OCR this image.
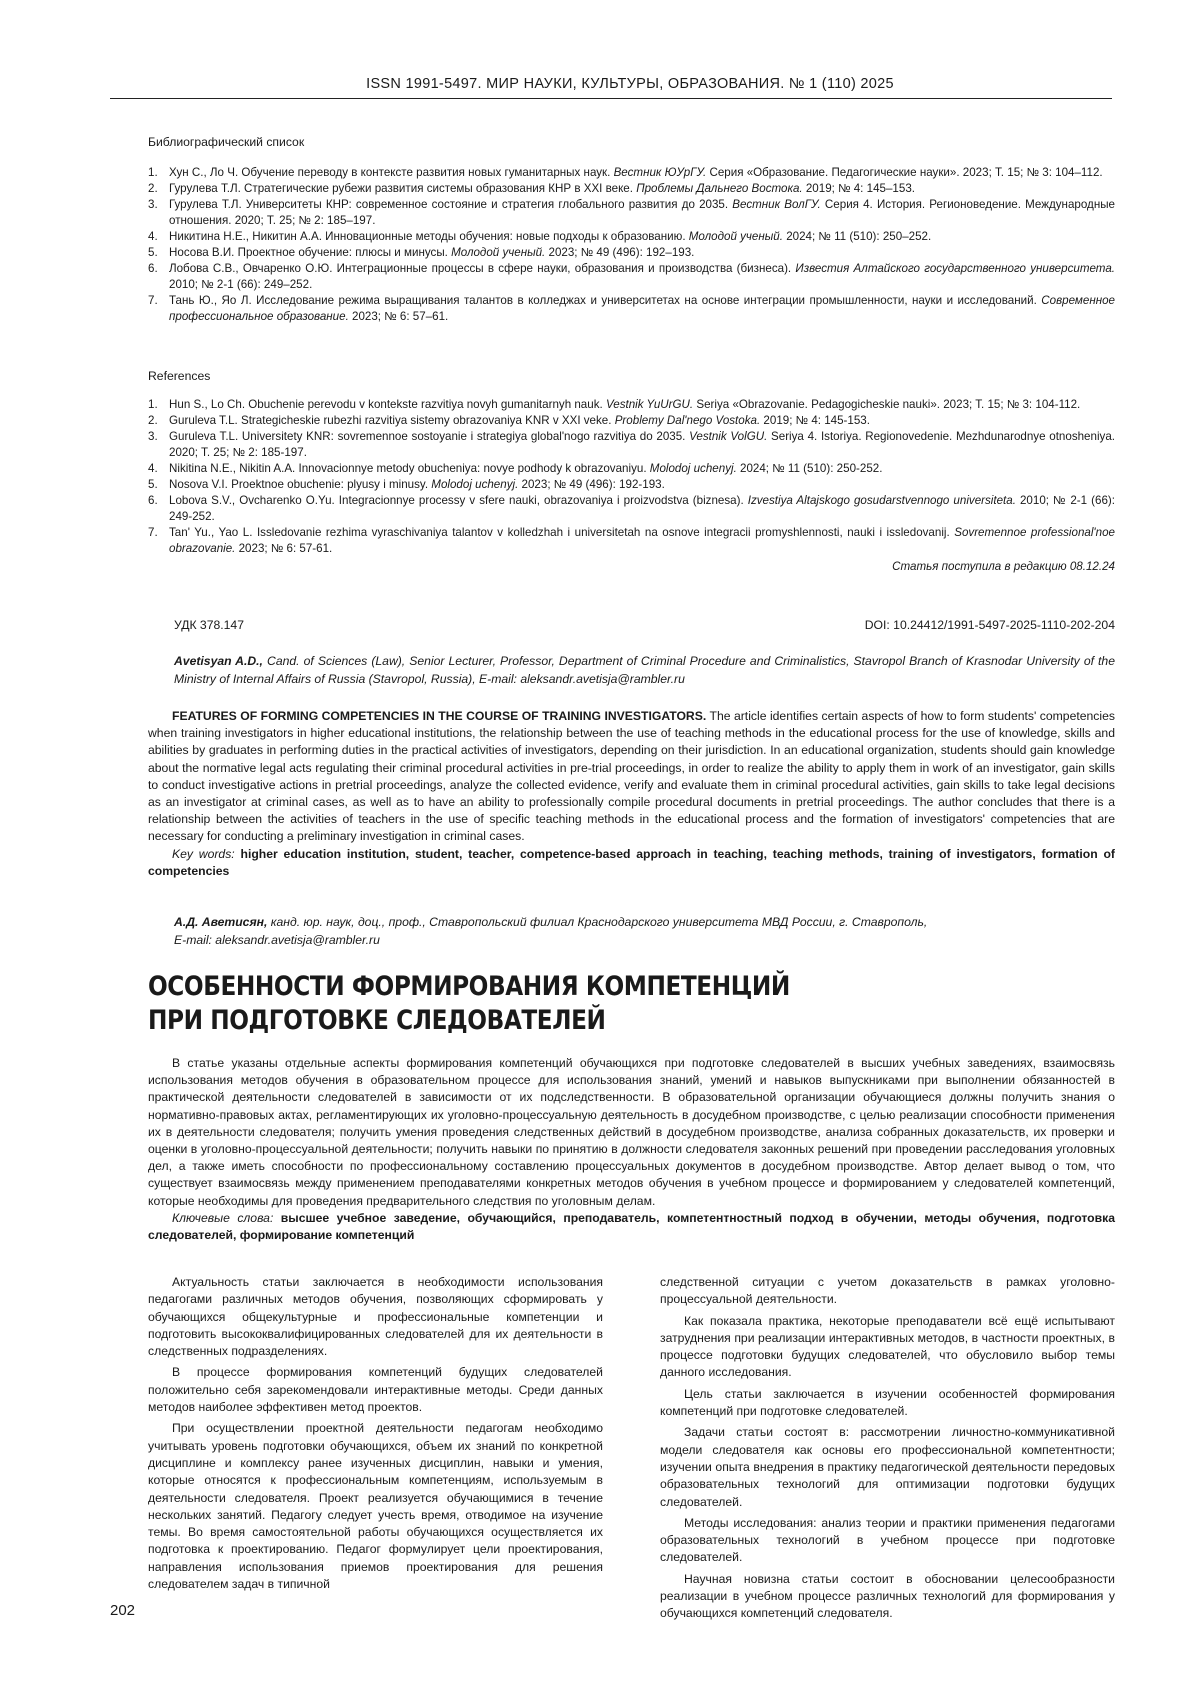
ISSN 1991-5497. МИР НАУКИ, КУЛЬТУРЫ, ОБРАЗОВАНИЯ. № 1 (110) 2025
Библиографический список
1. Хун С., Ло Ч. Обучение переводу в контексте развития новых гуманитарных наук. Вестник ЮУрГУ. Серия «Образование. Педагогические науки». 2023; Т. 15; № 3: 104–112.
2. Гурулева Т.Л. Стратегические рубежи развития системы образования КНР в XXI веке. Проблемы Дальнего Востока. 2019; № 4: 145–153.
3. Гурулева Т.Л. Университеты КНР: современное состояние и стратегия глобального развития до 2035. Вестник ВолГУ. Серия 4. История. Регионоведение. Международные отношения. 2020; Т. 25; № 2: 185–197.
4. Никитина Н.Е., Никитин А.А. Инновационные методы обучения: новые подходы к образованию. Молодой ученый. 2024; № 11 (510): 250–252.
5. Носова В.И. Проектное обучение: плюсы и минусы. Молодой ученый. 2023; № 49 (496): 192–193.
6. Лобова С.В., Овчаренко О.Ю. Интеграционные процессы в сфере науки, образования и производства (бизнеса). Известия Алтайского государственного университета. 2010; № 2-1 (66): 249–252.
7. Тань Ю., Яо Л. Исследование режима выращивания талантов в колледжах и университетах на основе интеграции промышленности, науки и исследований. Современное профессиональное образование. 2023; № 6: 57–61.
References
1. Hun S., Lo Ch. Obuchenie perevodu v kontekste razvitiya novyh gumanitarnyh nauk. Vestnik YuUrGU. Seriya «Obrazovanie. Pedagogicheskie nauki». 2023; T. 15; № 3: 104-112.
2. Guruleva T.L. Strategicheskie rubezhi razvitiya sistemy obrazovaniya KNR v XXI veke. Problemy Dal'nego Vostoka. 2019; № 4: 145-153.
3. Guruleva T.L. Universitety KNR: sovremennoe sostoyanie i strategiya global'nogo razvitiya do 2035. Vestnik VolGU. Seriya 4. Istoriya. Regionovedenie. Mezhdunarodnye otnosheniya. 2020; T. 25; № 2: 185-197.
4. Nikitina N.E., Nikitin A.A. Innovacionnye metody obucheniya: novye podhody k obrazovaniyu. Molodoj uchenyj. 2024; № 11 (510): 250-252.
5. Nosova V.I. Proektnoe obuchenie: plyusy i minusy. Molodoj uchenyj. 2023; № 49 (496): 192-193.
6. Lobova S.V., Ovcharenko O.Yu. Integracionnye processy v sfere nauki, obrazovaniya i proizvodstva (biznesa). Izvestiya Altajskogo gosudarstvennogo universiteta. 2010; № 2-1 (66): 249-252.
7. Tan' Yu., Yao L. Issledovanie rezhima vyraschivaniya talantov v kolledzhah i universitetah na osnove integracii promyshlennosti, nauki i issledovanij. Sovremennoe professional'noe obrazovanie. 2023; № 6: 57-61.
Статья поступила в редакцию 08.12.24
УДК 378.147	DOI: 10.24412/1991-5497-2025-1110-202-204
Avetisyan A.D., Cand. of Sciences (Law), Senior Lecturer, Professor, Department of Criminal Procedure and Criminalistics, Stavropol Branch of Krasnodar University of the Ministry of Internal Affairs of Russia (Stavropol, Russia), E-mail: aleksandr.avetisja@rambler.ru

FEATURES OF FORMING COMPETENCIES IN THE COURSE OF TRAINING INVESTIGATORS. The article identifies certain aspects of how to form students' competencies when training investigators in higher educational institutions, the relationship between the use of teaching methods in the educational process for the use of knowledge, skills and abilities by graduates in performing duties in the practical activities of investigators, depending on their jurisdiction. In an educational organization, students should gain knowledge about the normative legal acts regulating their criminal procedural activities in pre-trial proceedings, in order to realize the ability to apply them in work of an investigator, gain skills to conduct investigative actions in pretrial proceedings, analyze the collected evidence, verify and evaluate them in criminal procedural activities, gain skills to take legal decisions as an investigator at criminal cases, as well as to have an ability to professionally compile procedural documents in pretrial proceedings. The author concludes that there is a relationship between the activities of teachers in the use of specific teaching methods in the educational process and the formation of investigators' competencies that are necessary for conducting a preliminary investigation in criminal cases.

Key words: higher education institution, student, teacher, competence-based approach in teaching, teaching methods, training of investigators, formation of competencies

А.Д. Аветисян, канд. юр. наук, доц., проф., Ставропольский филиал Краснодарского университета МВД России, г. Ставрополь,
E-mail: aleksandr.avetisja@rambler.ru
ОСОБЕННОСТИ ФОРМИРОВАНИЯ КОМПЕТЕНЦИЙ
ПРИ ПОДГОТОВКЕ СЛЕДОВАТЕЛЕЙ

В статье указаны отдельные аспекты формирования компетенций обучающихся при подготовке следователей в высших учебных заведениях, взаимосвязь использования методов обучения в образовательном процессе для использования знаний, умений и навыков выпускниками при выполнении обязанностей в практической деятельности следователей в зависимости от их подследственности. В образовательной организации обучающиеся должны получить знания о нормативно-правовых актах, регламентирующих их уголовно-процессуальную деятельность в досудебном производстве, с целью реализации способности применения их в деятельности следователя; получить умения проведения следственных действий в досудебном производстве, анализа собранных доказательств, их проверки и оценки в уголовно-процессуальной деятельности; получить навыки по принятию в должности следователя законных решений при проведении расследования уголовных дел, а также иметь способности по профессиональному составлению процессуальных документов в досудебном производстве. Автор делает вывод о том, что существует взаимосвязь между применением преподавателями конкретных методов обучения в учебном процессе и формированием у следователей компетенций, которые необходимы для проведения предварительного следствия по уголовным делам.

Ключевые слова: высшее учебное заведение, обучающийся, преподаватель, компетентностный подход в обучении, методы обучения, подготовка следователей, формирование компетенций

Актуальность статьи заключается в необходимости использования педагогами различных методов обучения, позволяющих сформировать у обучающихся общекультурные и профессиональные компетенции и подготовить высококвалифицированных следователей для их деятельности в следственных подразделениях.

В процессе формирования компетенций будущих следователей положительно себя зарекомендовали интерактивные методы. Среди данных методов наиболее эффективен метод проектов.

При осуществлении проектной деятельности педагогам необходимо учитывать уровень подготовки обучающихся, объем их знаний по конкретной дисциплине и комплексу ранее изученных дисциплин, навыки и умения, которые относятся к профессиональным компетенциям, используемым в деятельности следователя. Проект реализуется обучающимися в течение нескольких занятий. Педагогу следует учесть время, отводимое на изучение темы. Во время самостоятельной работы обучающихся осуществляется их подготовка к проектированию. Педагог формулирует цели проектирования, направления использования приемов проектирования для решения следователем задач в типичной

следственной ситуации с учетом доказательств в рамках уголовно-процессуальной деятельности.

Как показала практика, некоторые преподаватели всё ещё испытывают затруднения при реализации интерактивных методов, в частности проектных, в процессе подготовки будущих следователей, что обусловило выбор темы данного исследования.

Цель статьи заключается в изучении особенностей формирования компетенций при подготовке следователей.

Задачи статьи состоят в: рассмотрении личностно-коммуникативной модели следователя как основы его профессиональной компетентности; изучении опыта внедрения в практику педагогической деятельности передовых образовательных технологий для оптимизации подготовки будущих следователей.

Методы исследования: анализ теории и практики применения педагогами образовательных технологий в учебном процессе при подготовке следователей.

Научная новизна статьи состоит в обосновании целесообразности реализации в учебном процессе различных технологий для формирования у обучающихся компетенций следователя.

202
